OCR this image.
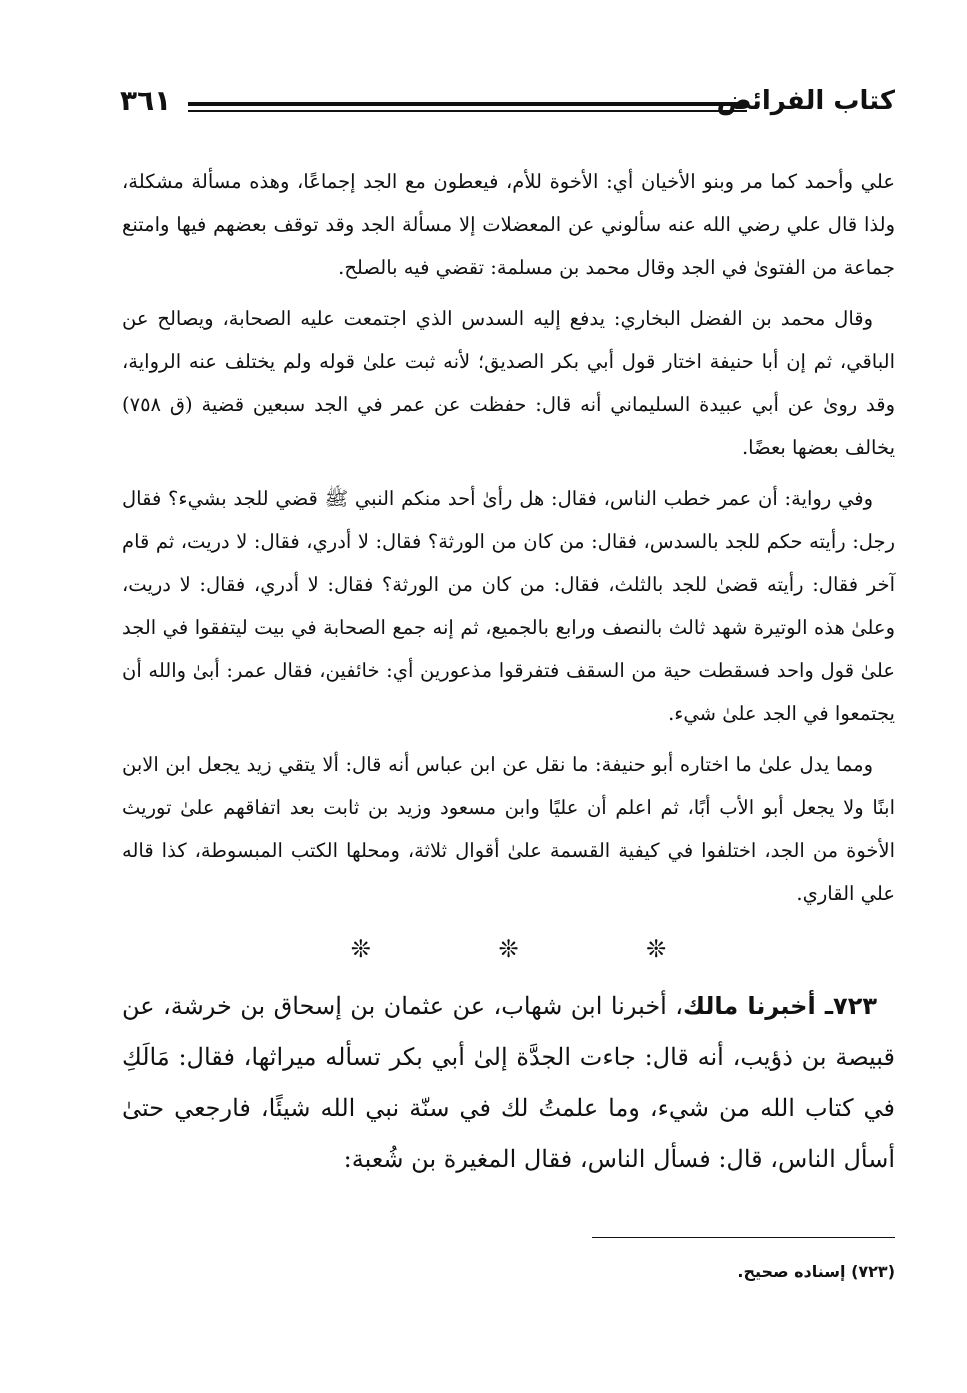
٣٦١	كتاب الفرائض

علي وأحمد كما مر وبنو الأخيان أي: الأخوة للأم، فيعطون مع الجد إجماعًا، وهذه مسألة مشكلة، ولذا قال علي رضي الله عنه سألوني عن المعضلات إلا مسألة الجد وقد توقف بعضهم فيها وامتنع جماعة من الفتوىٰ في الجد وقال محمد بن مسلمة: تقضي فيه بالصلح.

وقال محمد بن الفضل البخاري: يدفع إليه السدس الذي اجتمعت عليه الصحابة، ويصالح عن الباقي، ثم إن أبا حنيفة اختار قول أبي بكر الصديق؛ لأنه ثبت علىٰ قوله ولم يختلف عنه الرواية، وقد روىٰ عن أبي عبيدة السليماني أنه قال: حفظت عن عمر في الجد سبعين قضية (ق ٧٥٨) يخالف بعضها بعضًا.

وفي رواية: أن عمر خطب الناس، فقال: هل رأىٰ أحد منكم النبي ﷺ قضي للجد بشيء؟ فقال رجل: رأيته حكم للجد بالسدس، فقال: من كان من الورثة؟ فقال: لا أدري، فقال: لا دريت، ثم قام آخر فقال: رأيته قضىٰ للجد بالثلث، فقال: من كان من الورثة؟ فقال: لا أدري، فقال: لا دريت، وعلىٰ هذه الوتيرة شهد ثالث بالنصف ورابع بالجميع، ثم إنه جمع الصحابة في بيت ليتفقوا في الجد علىٰ قول واحد فسقطت حية من السقف فتفرقوا مذعورين أي: خائفين، فقال عمر: أبىٰ والله أن يجتمعوا في الجد علىٰ شيء.

ومما يدل علىٰ ما اختاره أبو حنيفة: ما نقل عن ابن عباس أنه قال: ألا يتقي زيد يجعل ابن الابن ابنًا ولا يجعل أبو الأب أبًا، ثم اعلم أن عليًا وابن مسعود وزيد بن ثابت بعد اتفاقهم علىٰ توريث الأخوة من الجد، اختلفوا في كيفية القسمة علىٰ أقوال ثلاثة، ومحلها الكتب المبسوطة، كذا قاله علي القاري.

❊ ❊ ❊

٧٢٣ـ أخبرنا مالك، أخبرنا ابن شهاب، عن عثمان بن إسحاق بن خرشة، عن قبيصة بن ذؤيب، أنه قال: جاءت الجدَّة إلىٰ أبي بكر تسأله ميراثها، فقال: مَالَكِ في كتاب الله من شيء، وما علمتُ لك في سنّة نبي الله شيئًا، فارجعي حتىٰ أسأل الناس، قال: فسأل الناس، فقال المغيرة بن شُعبة:

(٧٢٣) إسناده صحيح.
